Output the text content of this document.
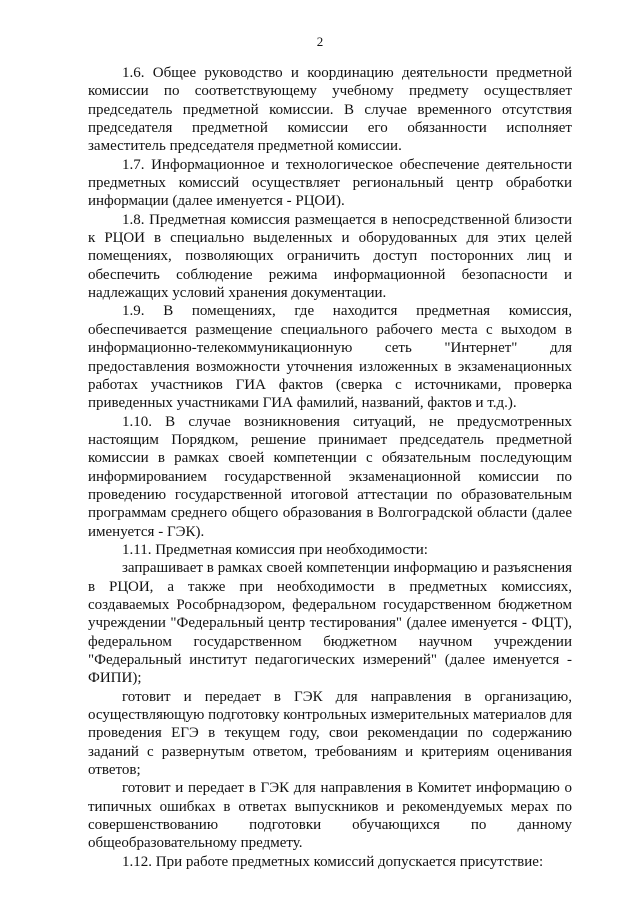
2

1.6. Общее руководство и координацию деятельности предметной комиссии по соответствующему учебному предмету осуществляет председатель предметной комиссии. В случае временного отсутствия председателя предметной комиссии его обязанности исполняет заместитель председателя предметной комиссии.

1.7. Информационное и технологическое обеспечение деятельности предметных комиссий осуществляет региональный центр обработки информации (далее именуется - РЦОИ).

1.8. Предметная комиссия размещается в непосредственной близости к РЦОИ в специально выделенных и оборудованных для этих целей помещениях, позволяющих ограничить доступ посторонних лиц и обеспечить соблюдение режима информационной безопасности и надлежащих условий хранения документации.

1.9. В помещениях, где находится предметная комиссия, обеспечивается размещение специального рабочего места с выходом в информационно-телекоммуникационную сеть "Интернет" для предоставления возможности уточнения изложенных в экзаменационных работах участников ГИА фактов (сверка с источниками, проверка приведенных участниками ГИА фамилий, названий, фактов и т.д.).

1.10. В случае возникновения ситуаций, не предусмотренных настоящим Порядком, решение принимает председатель предметной комиссии в рамках своей компетенции с обязательным последующим информированием государственной экзаменационной комиссии по проведению государственной итоговой аттестации по образовательным программам среднего общего образования в Волгоградской области (далее именуется - ГЭК).

1.11. Предметная комиссия при необходимости:

запрашивает в рамках своей компетенции информацию и разъяснения в РЦОИ, а также при необходимости в предметных комиссиях, создаваемых Рособрнадзором, федеральном государственном бюджетном учреждении "Федеральный центр тестирования" (далее именуется - ФЦТ), федеральном государственном бюджетном научном учреждении "Федеральный институт педагогических измерений" (далее именуется - ФИПИ);

готовит и передает в ГЭК для направления в организацию, осуществляющую подготовку контрольных измерительных материалов для проведения ЕГЭ в текущем году, свои рекомендации по содержанию заданий с развернутым ответом, требованиям и критериям оценивания ответов;

готовит и передает в ГЭК для направления в Комитет информацию о типичных ошибках в ответах выпускников и рекомендуемых мерах по совершенствованию подготовки обучающихся по данному общеобразовательному предмету.

1.12. При работе предметных комиссий допускается присутствие:
